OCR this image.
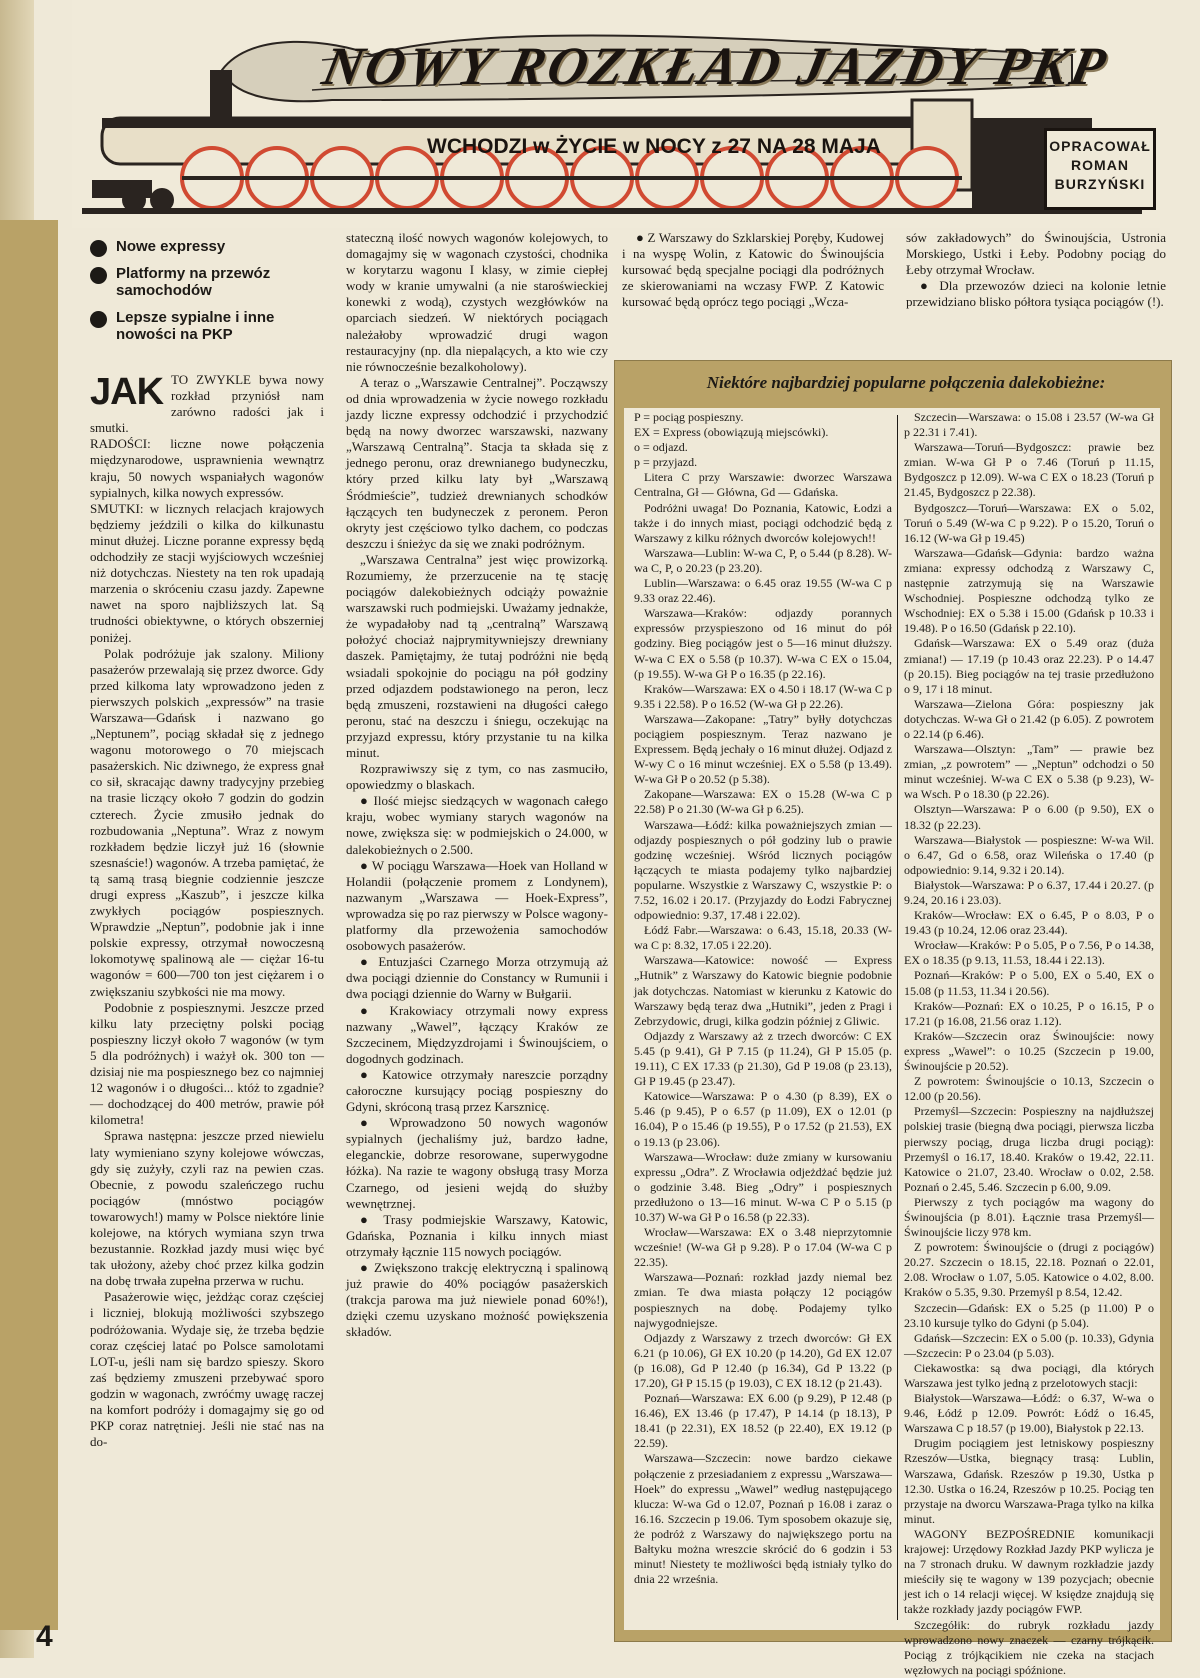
NOWY ROZKŁAD JAZDY PKP
WCHODZI w ŻYCIE w NOCY z 27 NA 28 MAJA	OPRACOWAŁ
ROMAN
BURZYŃSKI
Nowe expressy
Platformy na przewóz samochodów
Lepsze sypialne i inne nowości na PKP

JAK TO ZWYKLE bywa nowy rozkład przyniósł nam zarówno radości jak i smutki.

RADOŚCI: liczne nowe połączenia międzynarodowe, usprawnienia wewnątrz kraju, 50 nowych wspaniałych wagonów sypialnych, kilka nowych expressów.

SMUTKI: w licznych relacjach krajowych będziemy jeździli o kilka do kilkunastu minut dłużej. Liczne poranne expressy będą odchodziły ze stacji wyjściowych wcześniej niż dotychczas. Niestety na ten rok upadają marzenia o skróceniu czasu jazdy. Zapewne nawet na sporo najbliższych lat. Są trudności obiektywne, o których obszerniej poniżej.

Polak podróżuje jak szalony. Miliony pasażerów przewalają się przez dworce. Gdy przed kilkoma laty wprowadzono jeden z pierwszych polskich „expressów” na trasie Warszawa—Gdańsk i nazwano go „Neptunem”, pociąg składał się z jednego wagonu motorowego o 70 miejscach pasażerskich. Nic dziwnego, że express gnał co sił, skracając dawny tradycyjny przebieg na trasie liczący około 7 godzin do godzin czterech. Życie zmusiło jednak do rozbudowania „Neptuna”. Wraz z nowym rozkładem będzie liczył już 16 (słownie szesnaście!) wagonów. A trzeba pamiętać, że tą samą trasą biegnie codziennie jeszcze drugi express „Kaszub”, i jeszcze kilka zwykłych pociągów pospiesznych. Wprawdzie „Neptun”, podobnie jak i inne polskie expressy, otrzymał nowoczesną lokomotywę spalinową ale — ciężar 16-tu wagonów = 600—700 ton jest ciężarem i o zwiększaniu szybkości nie ma mowy.

Podobnie z pospiesznymi. Jeszcze przed kilku laty przeciętny polski pociąg pospieszny liczył około 7 wagonów (w tym 5 dla podróżnych) i ważył ok. 300 ton — dzisiaj nie ma pospiesznego bez co najmniej 12 wagonów i o długości... któż to zgadnie? — dochodzącej do 400 metrów, prawie pół kilometra!

Sprawa następna: jeszcze przed niewielu laty wymieniano szyny kolejowe wówczas, gdy się zużyły, czyli raz na pewien czas. Obecnie, z powodu szaleńczego ruchu pociągów (mnóstwo pociągów towarowych!) mamy w Polsce niektóre linie kolejowe, na których wymiana szyn trwa bezustannie. Rozkład jazdy musi więc być tak ułożony, ażeby choć przez kilka godzin na dobę trwała zupełna przerwa w ruchu.

Pasażerowie więc, jeżdżąc coraz częściej i liczniej, blokują możliwości szybszego podróżowania. Wydaje się, że trzeba będzie coraz częściej latać po Polsce samolotami LOT-u, jeśli nam się bardzo spieszy. Skoro zaś będziemy zmuszeni przebywać sporo godzin w wagonach, zwróćmy uwagę raczej na komfort podróży i domagajmy się go od PKP coraz natrętniej. Jeśli nie stać nas na do-

stateczną ilość nowych wagonów kolejowych, to domagajmy się w wagonach czystości, chodnika w korytarzu wagonu I klasy, w zimie ciepłej wody w kranie umywalni (a nie staroświeckiej konewki z wodą), czystych wezgłówków na oparciach siedzeń. W niektórych pociągach należałoby wprowadzić drugi wagon restauracyjny (np. dla niepalących, a kto wie czy nie równocześnie bezalkoholowy).

A teraz o „Warszawie Centralnej”. Począwszy od dnia wprowadzenia w życie nowego rozkładu jazdy liczne expressy odchodzić i przychodzić będą na nowy dworzec warszawski, nazwany „Warszawą Centralną”. Stacja ta składa się z jednego peronu, oraz drewnianego budyneczku, który przed kilku laty był „Warszawą Śródmieście”, tudzież drewnianych schodków łączących ten budyneczek z peronem. Peron okryty jest częściowo tylko dachem, co podczas deszczu i śnieżyc da się we znaki podróżnym.

„Warszawa Centralna” jest więc prowizorką. Rozumiemy, że przerzucenie na tę stację pociągów dalekobieżnych odciąży poważnie warszawski ruch podmiejski. Uważamy jednakże, że wypadałoby nad tą „centralną” Warszawą położyć chociaż najprymitywniejszy drewniany daszek. Pamiętajmy, że tutaj podróżni nie będą wsiadali spokojnie do pociągu na pół godziny przed odjazdem podstawionego na peron, lecz będą zmuszeni, rozstawieni na długości całego peronu, stać na deszczu i śniegu, oczekując na przyjazd expressu, który przystanie tu na kilka minut.

Rozprawiwszy się z tym, co nas zasmuciło, opowiedzmy o blaskach.

● Ilość miejsc siedzących w wagonach całego kraju, wobec wymiany starych wagonów na nowe, zwiększa się: w podmiejskich o 24.000, w dalekobieżnych o 2.500.

● W pociągu Warszawa—Hoek van Holland w Holandii (połączenie promem z Londynem), nazwanym „Warszawa — Hoek-Express”, wprowadza się po raz pierwszy w Polsce wagony-platformy dla przewożenia samochodów osobowych pasażerów.

● Entuzjaści Czarnego Morza otrzymują aż dwa pociągi dziennie do Constancy w Rumunii i dwa pociągi dziennie do Warny w Bułgarii.

● Krakowiacy otrzymali nowy express nazwany „Wawel”, łączący Kraków ze Szczecinem, Międzyzdrojami i Świnoujściem, o dogodnych godzinach.

● Katowice otrzymały nareszcie porządny całoroczne kursujący pociąg pospieszny do Gdyni, skróconą trasą przez Karsznicę.

● Wprowadzono 50 nowych wagonów sypialnych (jechaliśmy już, bardzo ładne, eleganckie, dobrze resorowane, superwygodne łóżka). Na razie te wagony obsługą trasy Morza Czarnego, od jesieni wejdą do służby wewnętrznej.

● Trasy podmiejskie Warszawy, Katowic, Gdańska, Poznania i kilku innych miast otrzymały łącznie 115 nowych pociągów.

● Zwiększono trakcję elektryczną i spalinową już prawie do 40% pociągów pasażerskich (trakcja parowa ma już niewiele ponad 60%!), dzięki czemu uzyskano możność powiększenia składów.

● Z Warszawy do Szklarskiej Poręby, Kudowej i na wyspę Wolin, z Katowic do Świnoujścia kursować będą specjalne pociągi dla podróżnych ze skierowaniami na wczasy FWP. Z Katowic kursować będą oprócz tego pociągi „Wcza-

sów zakładowych” do Świnoujścia, Ustronia Morskiego, Ustki i Łeby. Podobny pociąg do Łeby otrzymał Wrocław.

● Dla przewozów dzieci na kolonie letnie przewidziano blisko półtora tysiąca pociągów (!).

Niektóre najbardziej popularne połączenia dalekobieżne:

P = pociąg pospieszny.

EX = Express (obowiązują miejscówki).

o = odjazd.

p = przyjazd.

Litera C przy Warszawie: dworzec Warszawa Centralna, Gł — Główna, Gd — Gdańska.

Podróżni uwaga! Do Poznania, Katowic, Łodzi a także i do innych miast, pociągi odchodzić będą z Warszawy z kilku różnych dworców kolejowych!!

Warszawa—Lublin: W-wa C, P, o 5.44 (p 8.28). W-wa C, P, o 20.23 (p 23.20).

Lublin—Warszawa: o 6.45 oraz 19.55 (W-wa C p 9.33 oraz 22.46).

Warszawa—Kraków: odjazdy porannych expressów przyspieszono od 16 minut do pół godziny. Bieg pociągów jest o 5—16 minut dłuższy. W-wa C EX o 5.58 (p 10.37). W-wa C EX o 15.04, (p 19.55). W-wa Gł P o 16.35 (p 22.16).

Kraków—Warszawa: EX o 4.50 i 18.17 (W-wa C p 9.35 i 22.58). P o 16.52 (W-wa Gł p 22.26).

Warszawa—Zakopane: „Tatry” byłły dotychczas pociągiem pospiesznym. Teraz nazwano je Expressem. Będą jechały o 16 minut dłużej. Odjazd z W-wy C o 16 minut wcześniej. EX o 5.58 (p 13.49). W-wa Gł P o 20.52 (p 5.38).

Zakopane—Warszawa: EX o 15.28 (W-wa C p 22.58) P o 21.30 (W-wa Gł p 6.25).

Warszawa—Łódź: kilka poważniejszych zmian — odjazdy pospiesznych o pół godziny lub o prawie godzinę wcześniej. Wśród licznych pociągów łączących te miasta podajemy tylko najbardziej popularne. Wszystkie z Warszawy C, wszystkie P: o 7.52, 16.02 i 20.17. (Przyjazdy do Łodzi Fabrycznej odpowiednio: 9.37, 17.48 i 22.02).

Łódź Fabr.—Warszawa: o 6.43, 15.18, 20.33 (W-wa C p: 8.32, 17.05 i 22.20).

Warszawa—Katowice: nowość — Express „Hutnik” z Warszawy do Katowic biegnie podobnie jak dotychczas. Natomiast w kierunku z Katowic do Warszawy będą teraz dwa „Hutniki”, jeden z Pragi i Zebrzydowic, drugi, kilka godzin później z Gliwic.

Odjazdy z Warszawy aż z trzech dworców: C EX 5.45 (p 9.41), Gł P 7.15 (p 11.24), Gł P 15.05 (p. 19.11), C EX 17.33 (p 21.30), Gd P 19.08 (p 23.13), Gł P 19.45 (p 23.47).

Katowice—Warszawa: P o 4.30 (p 8.39), EX o 5.46 (p 9.45), P o 6.57 (p 11.09), EX o 12.01 (p 16.04), P o 15.46 (p 19.55), P o 17.52 (p 21.53), EX o 19.13 (p 23.06).

Warszawa—Wrocław: duże zmiany w kursowaniu expressu „Odra”. Z Wrocławia odjeżdżać będzie już o godzinie 3.48. Bieg „Odry” i pospiesznych przedłużono o 13—16 minut. W-wa C P o 5.15 (p 10.37) W-wa Gł P o 16.58 (p 22.33).

Wrocław—Warszawa: EX o 3.48 nieprzytomnie wcześnie! (W-wa Gł p 9.28). P o 17.04 (W-wa C p 22.35).

Warszawa—Poznań: rozkład jazdy niemal bez zmian. Te dwa miasta połączy 12 pociągów pospiesznych na dobę. Podajemy tylko najwygodniejsze.

Odjazdy z Warszawy z trzech dworców: Gł EX 6.21 (p 10.06), Gł EX 10.20 (p 14.20), Gd EX 12.07 (p 16.08), Gd P 12.40 (p 16.34), Gd P 13.22 (p 17.20), Gł P 15.15 (p 19.03), C EX 18.12 (p 21.43).

Poznań—Warszawa: EX 6.00 (p 9.29), P 12.48 (p 16.46), EX 13.46 (p 17.47), P 14.14 (p 18.13), P 18.41 (p 22.31), EX 18.52 (p 22.40), EX 19.12 (p 22.59).

Warszawa—Szczecin: nowe bardzo ciekawe połączenie z przesiadaniem z expressu „Warszawa—Hoek” do expressu „Wawel” według następującego klucza: W-wa Gd o 12.07, Poznań p 16.08 i zaraz o 16.16. Szczecin p 19.06. Tym sposobem okazuje się, że podróż z Warszawy do największego portu na Bałtyku można wreszcie skrócić do 6 godzin i 53 minut! Niestety te możliwości będą istniały tylko do dnia 22 września.

Szczecin—Warszawa: o 15.08 i 23.57 (W-wa Gł p 22.31 i 7.41).

Warszawa—Toruń—Bydgoszcz: prawie bez zmian. W-wa Gł P o 7.46 (Toruń p 11.15, Bydgoszcz p 12.09). W-wa C EX o 18.23 (Toruń p 21.45, Bydgoszcz p 22.38).

Bydgoszcz—Toruń—Warszawa: EX o 5.02, Toruń o 5.49 (W-wa C p 9.22). P o 15.20, Toruń o 16.12 (W-wa Gł p 19.45)

Warszawa—Gdańsk—Gdynia: bardzo ważna zmiana: expressy odchodzą z Warszawy C, następnie zatrzymują się na Warszawie Wschodniej. Pospieszne odchodzą tylko ze Wschodniej: EX o 5.38 i 15.00 (Gdańsk p 10.33 i 19.48). P o 16.50 (Gdańsk p 22.10).

Gdańsk—Warszawa: EX o 5.49 oraz (duża zmiana!) — 17.19 (p 10.43 oraz 22.23). P o 14.47 (p 20.15). Bieg pociągów na tej trasie przedłużono o 9, 17 i 18 minut.

Warszawa—Zielona Góra: pospieszny jak dotychczas. W-wa Gł o 21.42 (p 6.05). Z powrotem o 22.14 (p 6.46).

Warszawa—Olsztyn: „Tam” — prawie bez zmian, „z powrotem” — „Neptun” odchodzi o 50 minut wcześniej. W-wa C EX o 5.38 (p 9.23), W-wa Wsch. P o 18.30 (p 22.26).

Olsztyn—Warszawa: P o 6.00 (p 9.50), EX o 18.32 (p 22.23).

Warszawa—Białystok — pospieszne: W-wa Wil. o 6.47, Gd o 6.58, oraz Wileńska o 17.40 (p odpowiednio: 9.14, 9.32 i 20.14).

Białystok—Warszawa: P o 6.37, 17.44 i 20.27. (p 9.24, 20.16 i 23.03).

Kraków—Wrocław: EX o 6.45, P o 8.03, P o 19.43 (p 10.24, 12.06 oraz 23.44).

Wrocław—Kraków: P o 5.05, P o 7.56, P o 14.38, EX o 18.35 (p 9.13, 11.53, 18.44 i 22.13).

Poznań—Kraków: P o 5.00, EX o 5.40, EX o 15.08 (p 11.53, 11.34 i 20.56).

Kraków—Poznań: EX o 10.25, P o 16.15, P o 17.21 (p 16.08, 21.56 oraz 1.12).

Kraków—Szczecin oraz Świnoujście: nowy express „Wawel”: o 10.25 (Szczecin p 19.00, Świnoujście p 20.52).

Z powrotem: Świnoujście o 10.13, Szczecin o 12.00 (p 20.56).

Przemyśl—Szczecin: Pospieszny na najdłuższej polskiej trasie (biegną dwa pociągi, pierwsza liczba pierwszy pociąg, druga liczba drugi pociąg): Przemyśl o 16.17, 18.40. Kraków o 19.42, 22.11. Katowice o 21.07, 23.40. Wrocław o 0.02, 2.58. Poznań o 2.45, 5.46. Szczecin p 6.00, 9.09.

Pierwszy z tych pociągów ma wagony do Świnoujścia (p 8.01). Łącznie trasa Przemyśl—Świnoujście liczy 978 km.

Z powrotem: Świnoujście o (drugi z pociągów) 20.27. Szczecin o 18.15, 22.18. Poznań o 22.01, 2.08. Wrocław o 1.07, 5.05. Katowice o 4.02, 8.00. Kraków o 5.35, 9.30. Przemyśl p 8.54, 12.42.

Szczecin—Gdańsk: EX o 5.25 (p 11.00) P o 23.10 kursuje tylko do Gdyni (p 5.04).

Gdańsk—Szczecin: EX o 5.00 (p. 10.33), Gdynia—Szczecin: P o 23.04 (p 5.03).

Ciekawostka: są dwa pociągi, dla których Warszawa jest tylko jedną z przelotowych stacji:

Białystok—Warszawa—Łódź: o 6.37, W-wa o 9.46, Łódź p 12.09. Powrót: Łódź o 16.45, Warszawa C p 18.57 (p 19.00), Białystok p 22.13.

Drugim pociągiem jest letniskowy pospieszny Rzeszów—Ustka, biegnący trasą: Lublin, Warszawa, Gdańsk. Rzeszów p 19.30, Ustka p 12.30. Ustka o 16.24, Rzeszów p 10.25. Pociąg ten przystaje na dworcu Warszawa-Praga tylko na kilka minut.

WAGONY BEZPOŚREDNIE komunikacji krajowej: Urzędowy Rozkład Jazdy PKP wylicza je na 7 stronach druku. W dawnym rozkładzie jazdy mieściły się te wagony w 139 pozycjach; obecnie jest ich o 14 relacji więcej. W księdze znajdują się także rozkłady jazdy pociągów FWP.

Szczegółik: do rubryk rozkładu jazdy wprowadzono nowy znaczek — czarny trójkącik. Pociąg z trójkącikiem nie czeka na stacjach węzłowych na pociągi spóźnione.

4
